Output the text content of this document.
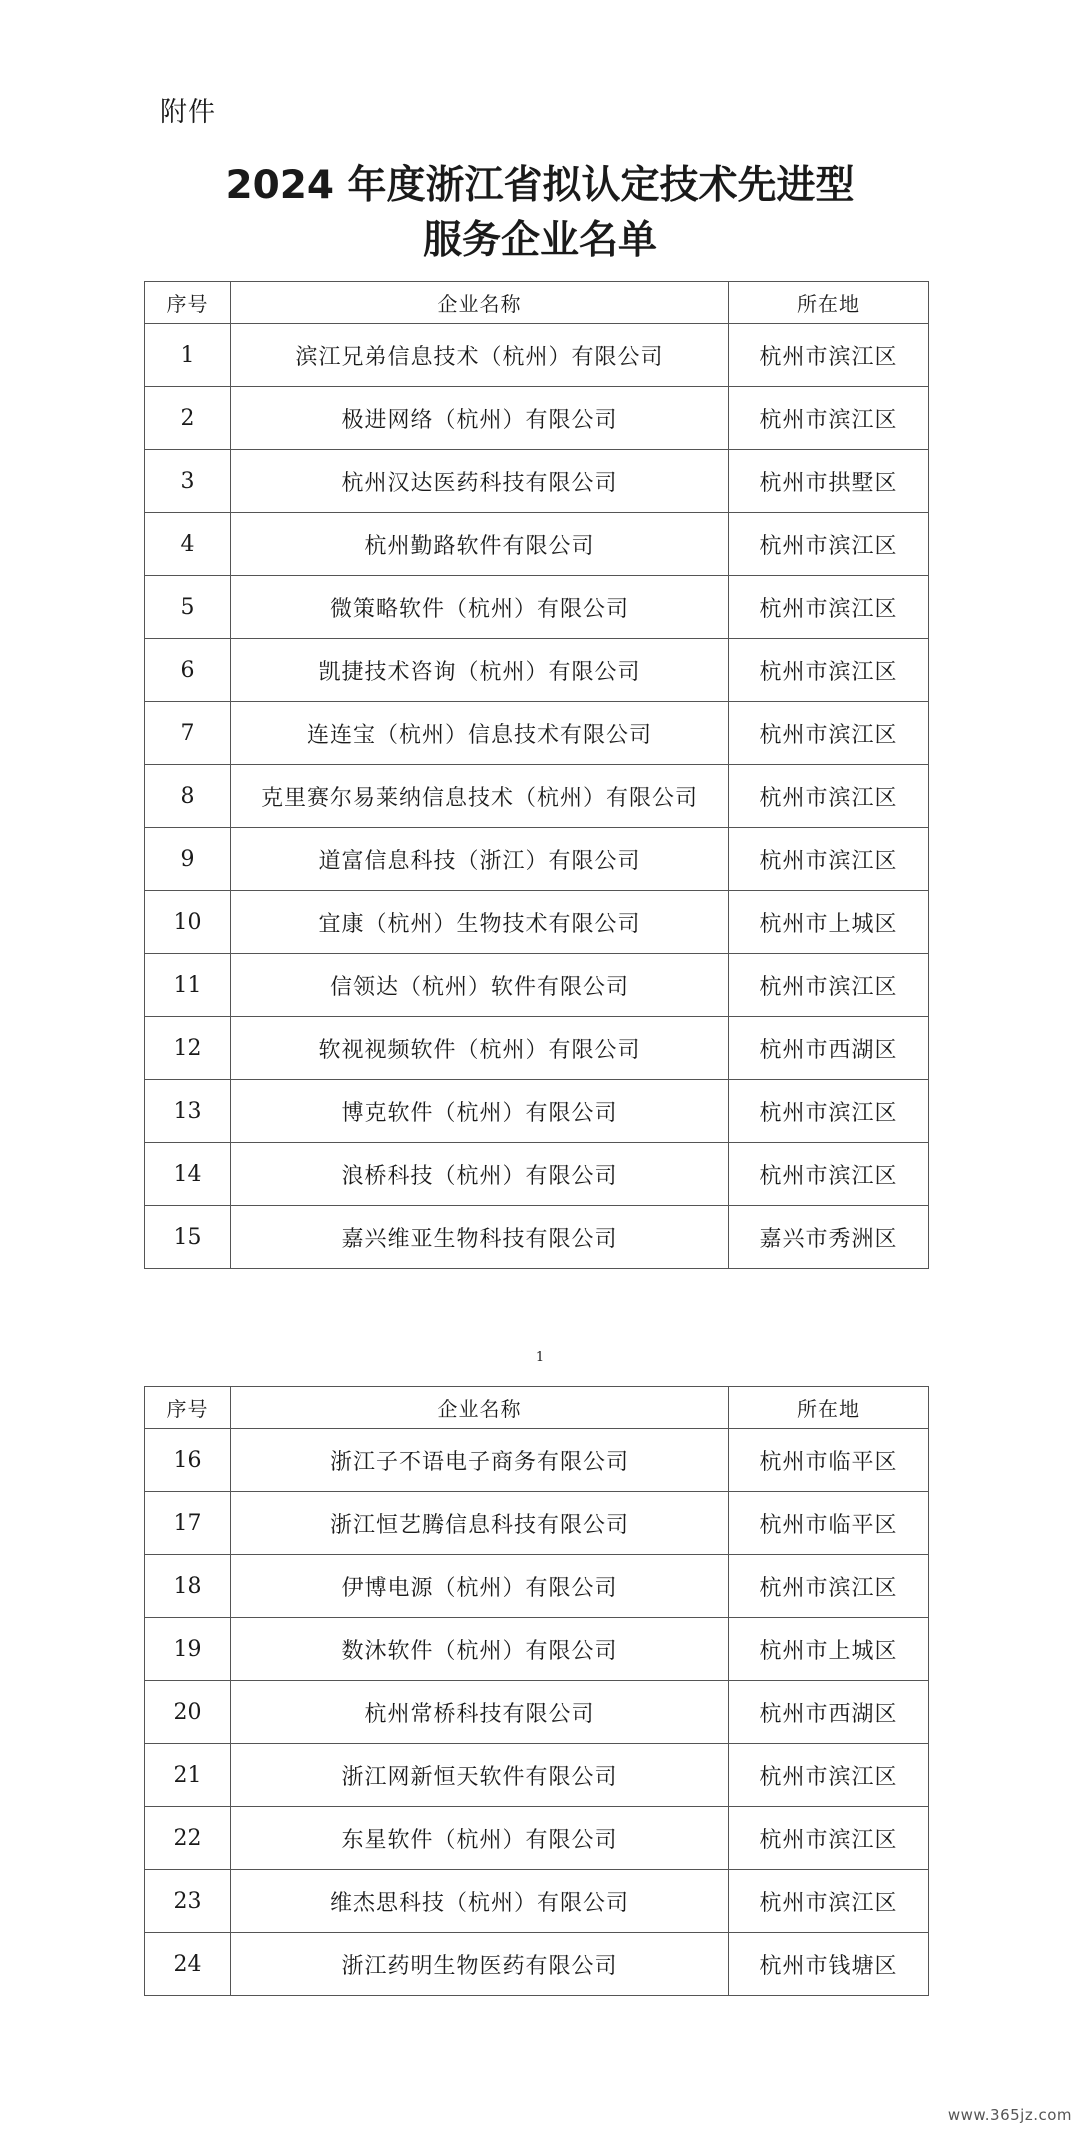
附件
2024 年度浙江省拟认定技术先进型
服务企业名单
序号	企业名称	所在地
1	滨江兄弟信息技术（杭州）有限公司	杭州市滨江区
2	极进网络（杭州）有限公司	杭州市滨江区
3	杭州汉达医药科技有限公司	杭州市拱墅区
4	杭州勤路软件有限公司	杭州市滨江区
5	微策略软件（杭州）有限公司	杭州市滨江区
6	凯捷技术咨询（杭州）有限公司	杭州市滨江区
7	连连宝（杭州）信息技术有限公司	杭州市滨江区
8	克里赛尔易莱纳信息技术（杭州）有限公司	杭州市滨江区
9	道富信息科技（浙江）有限公司	杭州市滨江区
10	宜康（杭州）生物技术有限公司	杭州市上城区
11	信领达（杭州）软件有限公司	杭州市滨江区
12	软视视频软件（杭州）有限公司	杭州市西湖区
13	博克软件（杭州）有限公司	杭州市滨江区
14	浪桥科技（杭州）有限公司	杭州市滨江区
15	嘉兴维亚生物科技有限公司	嘉兴市秀洲区
1
序号	企业名称	所在地
16	浙江子不语电子商务有限公司	杭州市临平区
17	浙江恒艺腾信息科技有限公司	杭州市临平区
18	伊博电源（杭州）有限公司	杭州市滨江区
19	数沐软件（杭州）有限公司	杭州市上城区
20	杭州常桥科技有限公司	杭州市西湖区
21	浙江网新恒天软件有限公司	杭州市滨江区
22	东星软件（杭州）有限公司	杭州市滨江区
23	维杰思科技（杭州）有限公司	杭州市滨江区
24	浙江药明生物医药有限公司	杭州市钱塘区
www.365jz.com
